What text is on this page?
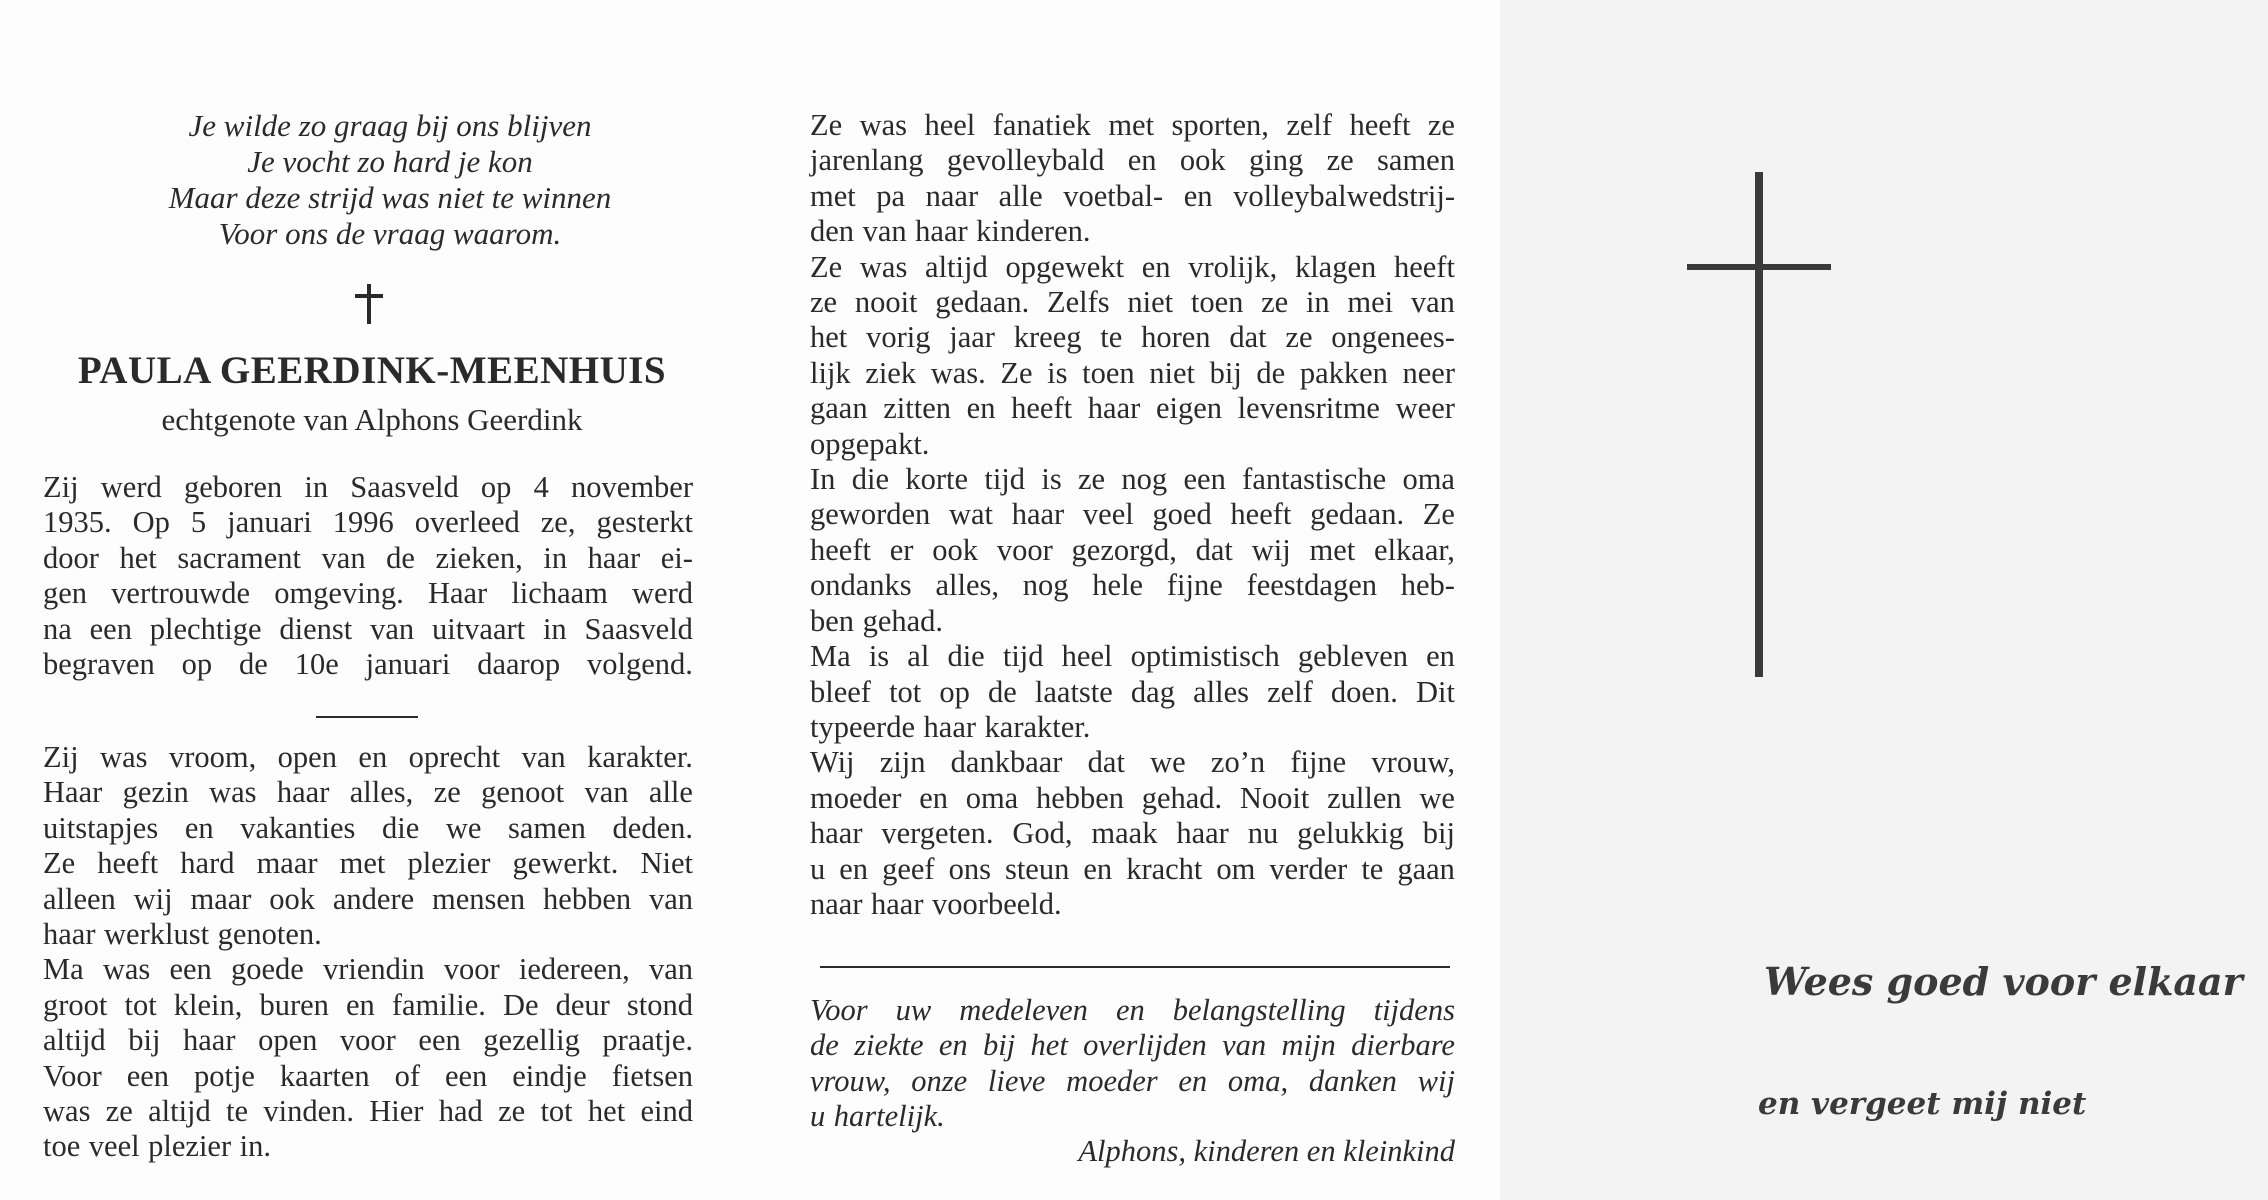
Je wilde zo graag bij ons blijven
Je vocht zo hard je kon
Maar deze strijd was niet te winnen
Voor ons de vraag waarom.
PAULA GEERDINK-MEENHUIS
echtgenote van Alphons Geerdink
Zij werd geboren in Saasveld op 4 november
1935. Op 5 januari 1996 overleed ze, gesterkt
door het sacrament van de zieken, in haar ei-
gen vertrouwde omgeving. Haar lichaam werd
na een plechtige dienst van uitvaart in Saasveld
begraven op de 10e januari daarop volgend.
Zij was vroom, open en oprecht van karakter.
Haar gezin was haar alles, ze genoot van alle
uitstapjes en vakanties die we samen deden.
Ze heeft hard maar met plezier gewerkt. Niet
alleen wij maar ook andere mensen hebben van
haar werklust genoten.
Ma was een goede vriendin voor iedereen, van
groot tot klein, buren en familie. De deur stond
altijd bij haar open voor een gezellig praatje.
Voor een potje kaarten of een eindje fietsen
was ze altijd te vinden. Hier had ze tot het eind
toe veel plezier in.
Ze was heel fanatiek met sporten, zelf heeft ze
jarenlang gevolleybald en ook ging ze samen
met pa naar alle voetbal- en volleybalwedstrij-
den van haar kinderen.
Ze was altijd opgewekt en vrolijk, klagen heeft
ze nooit gedaan. Zelfs niet toen ze in mei van
het vorig jaar kreeg te horen dat ze ongenees-
lijk ziek was. Ze is toen niet bij de pakken neer
gaan zitten en heeft haar eigen levensritme weer
opgepakt.
In die korte tijd is ze nog een fantastische oma
geworden wat haar veel goed heeft gedaan. Ze
heeft er ook voor gezorgd, dat wij met elkaar,
ondanks alles, nog hele fijne feestdagen heb-
ben gehad.
Ma is al die tijd heel optimistisch gebleven en
bleef tot op de laatste dag alles zelf doen. Dit
typeerde haar karakter.
Wij zijn dankbaar dat we zo’n fijne vrouw,
moeder en oma hebben gehad. Nooit zullen we
haar vergeten. God, maak haar nu gelukkig bij
u en geef ons steun en kracht om verder te gaan
naar haar voorbeeld.
Voor uw medeleven en belangstelling tijdens
de ziekte en bij het overlijden van mijn dierbare
vrouw, onze lieve moeder en oma, danken wij
u hartelijk.
Alphons, kinderen en kleinkind
Wees goed voor elkaar
en vergeet mij niet
